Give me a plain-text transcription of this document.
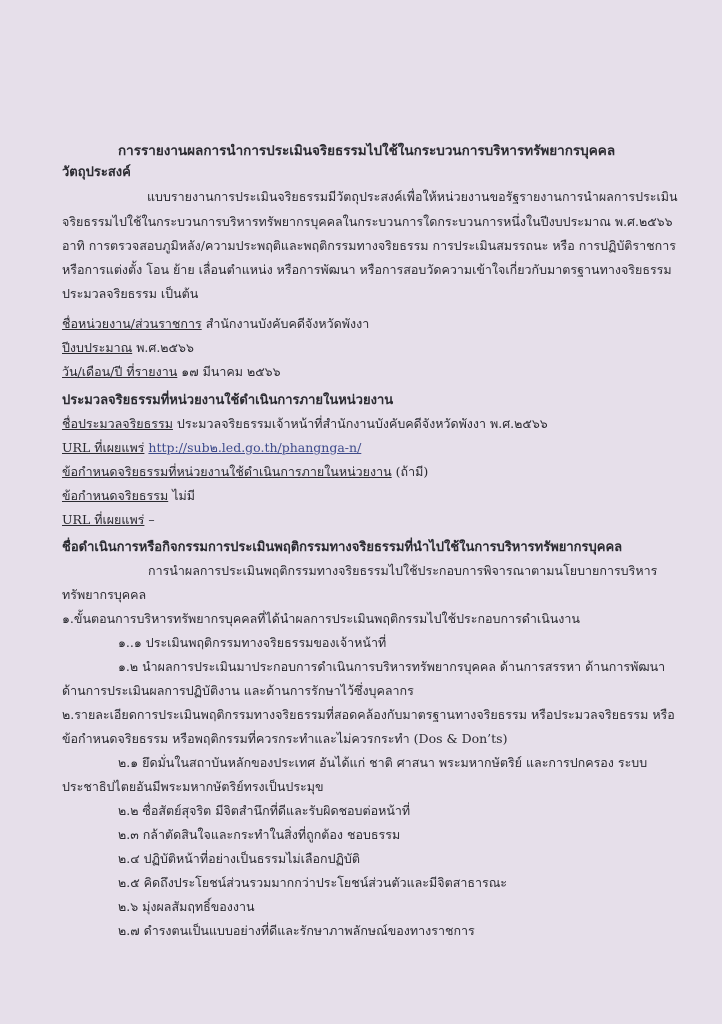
การรายงานผลการนำการประเมินจริยธรรมไปใช้ในกระบวนการบริหารทรัพยากรบุคคล
วัตถุประสงค์
แบบรายงานการประเมินจริยธรรมมีวัตถุประสงค์เพื่อให้หน่วยงานขอรัฐรายงานการนำผลการประเมิน
จริยธรรมไปใช้ในกระบวนการบริหารทรัพยากรบุคคลในกระบวนการใดกระบวนการหนึ่งในปีงบประมาณ พ.ศ.๒๕๖๖
อาทิ การตรวจสอบภูมิหลัง/ความประพฤติและพฤติกรรมทางจริยธรรม การประเมินสมรรถนะ หรือ การปฏิบัติราชการ
หรือการแต่งตั้ง โอน ย้าย เลื่อนตำแหน่ง หรือการพัฒนา หรือการสอบวัดความเข้าใจเกี่ยวกับมาตรฐานทางจริยธรรม
ประมวลจริยธรรม เป็นต้น
ชื่อหน่วยงาน/ส่วนราชการ สำนักงานบังคับคดีจังหวัดพังงา
ปีงบประมาณ พ.ศ.๒๕๖๖
วัน/เดือน/ปี ที่รายงาน ๑๗ มีนาคม ๒๕๖๖
ประมวลจริยธรรมที่หน่วยงานใช้ดำเนินการภายในหน่วยงาน
ชื่อประมวลจริยธรรม ประมวลจริยธรรมเจ้าหน้าที่สำนักงานบังคับคดีจังหวัดพังงา พ.ศ.๒๕๖๖
URL ที่เผยแพร่ http://sub๒.led.go.th/phangnga-n/
ข้อกำหนดจริยธรรมที่หน่วยงานใช้ดำเนินการภายในหน่วยงาน (ถ้ามี)
ข้อกำหนดจริยธรรม ไม่มี
URL ที่เผยแพร่ –
ชื่อดำเนินการหรือกิจกรรมการประเมินพฤติกรรมทางจริยธรรมที่นำไปใช้ในการบริหารทรัพยากรบุคคล
การนำผลการประเมินพฤติกรรมทางจริยธรรมไปใช้ประกอบการพิจารณาตามนโยบายการบริหาร
ทรัพยากรบุคคล
๑.ขั้นตอนการบริหารทรัพยากรบุคคลที่ได้นำผลการประเมินพฤติกรรมไปใช้ประกอบการดำเนินงาน
๑..๑ ประเมินพฤติกรรมทางจริยธรรมของเจ้าหน้าที่
๑.๒ นำผลการประเมินมาประกอบการดำเนินการบริหารทรัพยากรบุคคล ด้านการสรรหา ด้านการพัฒนา
ด้านการประเมินผลการปฏิบัติงาน และด้านการรักษาไว้ซึ่งบุคลากร
๒.รายละเอียดการประเมินพฤติกรรมทางจริยธรรมที่สอดคล้องกับมาตรฐานทางจริยธรรม หรือประมวลจริยธรรม หรือ
ข้อกำหนดจริยธรรม หรือพฤติกรรมที่ควรกระทำและไม่ควรกระทำ (Dos & Don’ts)
๒.๑ ยึดมั่นในสถาบันหลักของประเทศ อันได้แก่ ชาติ ศาสนา พระมหากษัตริย์ และการปกครอง ระบบ
ประชาธิปไตยอันมีพระมหากษัตริย์ทรงเป็นประมุข
๒.๒ ซื่อสัตย์สุจริต มีจิตสำนึกที่ดีและรับผิดชอบต่อหน้าที่
๒.๓ กล้าตัดสินใจและกระทำในสิ่งที่ถูกต้อง ชอบธรรม
๒.๔ ปฏิบัติหน้าที่อย่างเป็นธรรมไม่เลือกปฏิบัติ
๒.๕ คิดถึงประโยชน์ส่วนรวมมากกว่าประโยชน์ส่วนตัวและมีจิตสาธารณะ
๒.๖ มุ่งผลสัมฤทธิ์ของงาน
๒.๗ ดำรงตนเป็นแบบอย่างที่ดีและรักษาภาพลักษณ์ของทางราชการ
